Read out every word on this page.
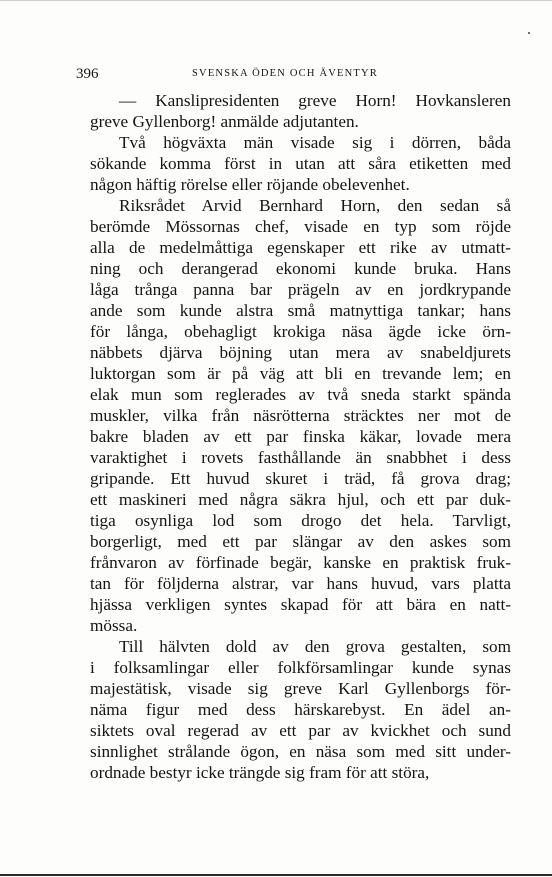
396	SVENSKA ÖDEN OCH ÄVENTYR

— Kanslipresidenten greve Horn! Hovkansleren
greve Gyllenborg! anmälde adjutanten.

Två högväxta män visade sig i dörren, båda
sökande komma först in utan att såra etiketten med
någon häftig rörelse eller röjande obelevenhet.

Riksrådet Arvid Bernhard Horn, den sedan så
berömde Mössornas chef, visade en typ som röjde
alla de medelmåttiga egenskaper ett rike av utmatt-
ning och derangerad ekonomi kunde bruka. Hans
låga trånga panna bar prägeln av en jordkrypande
ande som kunde alstra små matnyttiga tankar; hans
för långa, obehagligt krokiga näsa ägde icke örn-
näbbets djärva böjning utan mera av snabeldjurets
luktorgan som är på väg att bli en trevande lem; en
elak mun som reglerades av två sneda starkt spända
muskler, vilka från näsrötterna sträcktes ner mot de
bakre bladen av ett par finska käkar, lovade mera
varaktighet i rovets fasthållande än snabbhet i dess
gripande. Ett huvud skuret i träd, få grova drag;
ett maskineri med några säkra hjul, och ett par duk-
tiga osynliga lod som drogo det hela. Tarvligt,
borgerligt, med ett par slängar av den askes som
frånvaron av förfinade begär, kanske en praktisk fruk-
tan för följderna alstrar, var hans huvud, vars platta
hjässa verkligen syntes skapad för att bära en natt-
mössa.

Till hälvten dold av den grova gestalten, som
i folksamlingar eller folkförsamlingar kunde synas
majestätisk, visade sig greve Karl Gyllenborgs för-
näma figur med dess härskarebyst. En ädel an-
siktets oval regerad av ett par av kvickhet och sund
sinnlighet strålande ögon, en näsa som med sitt under-
ordnade bestyr icke trängde sig fram för att störa,
